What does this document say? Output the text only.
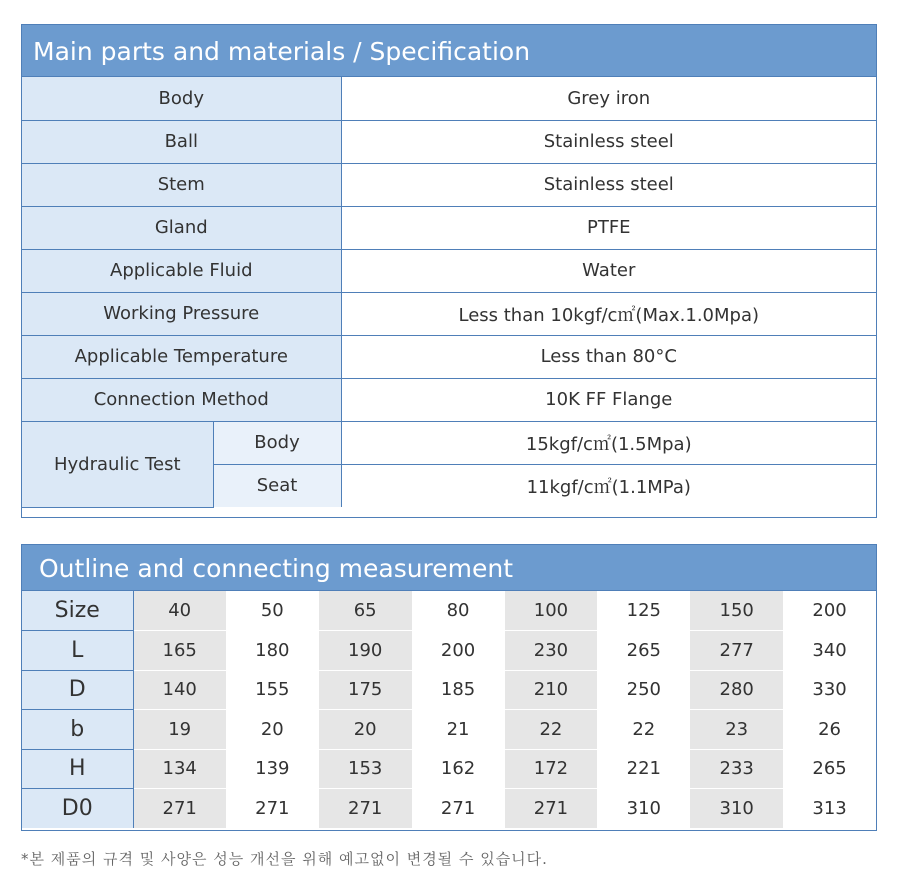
Main parts and materials / Specification
Body		Grey iron
Ball		Stainless steel
Stem		Stainless steel
Gland		PTFE
Applicable Fluid		Water
Working Pressure		Less than 10kgf/c㎡(Max.1.0Mpa)
Applicable Temperature		Less than 80°C
Connection Method		10K FF Flange
Hydraulic Test	Body	15kgf/c㎡(1.5Mpa)
	Seat	11kgf/c㎡(1.1MPa)
Outline and connecting measurement
Size	40	50	65	80	100	125	150	200
L	165	180	190	200	230	265	277	340
D	140	155	175	185	210	250	280	330
b	19	20	20	21	22	22	23	26
H	134	139	153	162	172	221	233	265
D0	271	271	271	271	271	310	310	313
*본 제품의 규격 및 사양은 성능 개선을 위해 예고없이 변경될 수 있습니다.
